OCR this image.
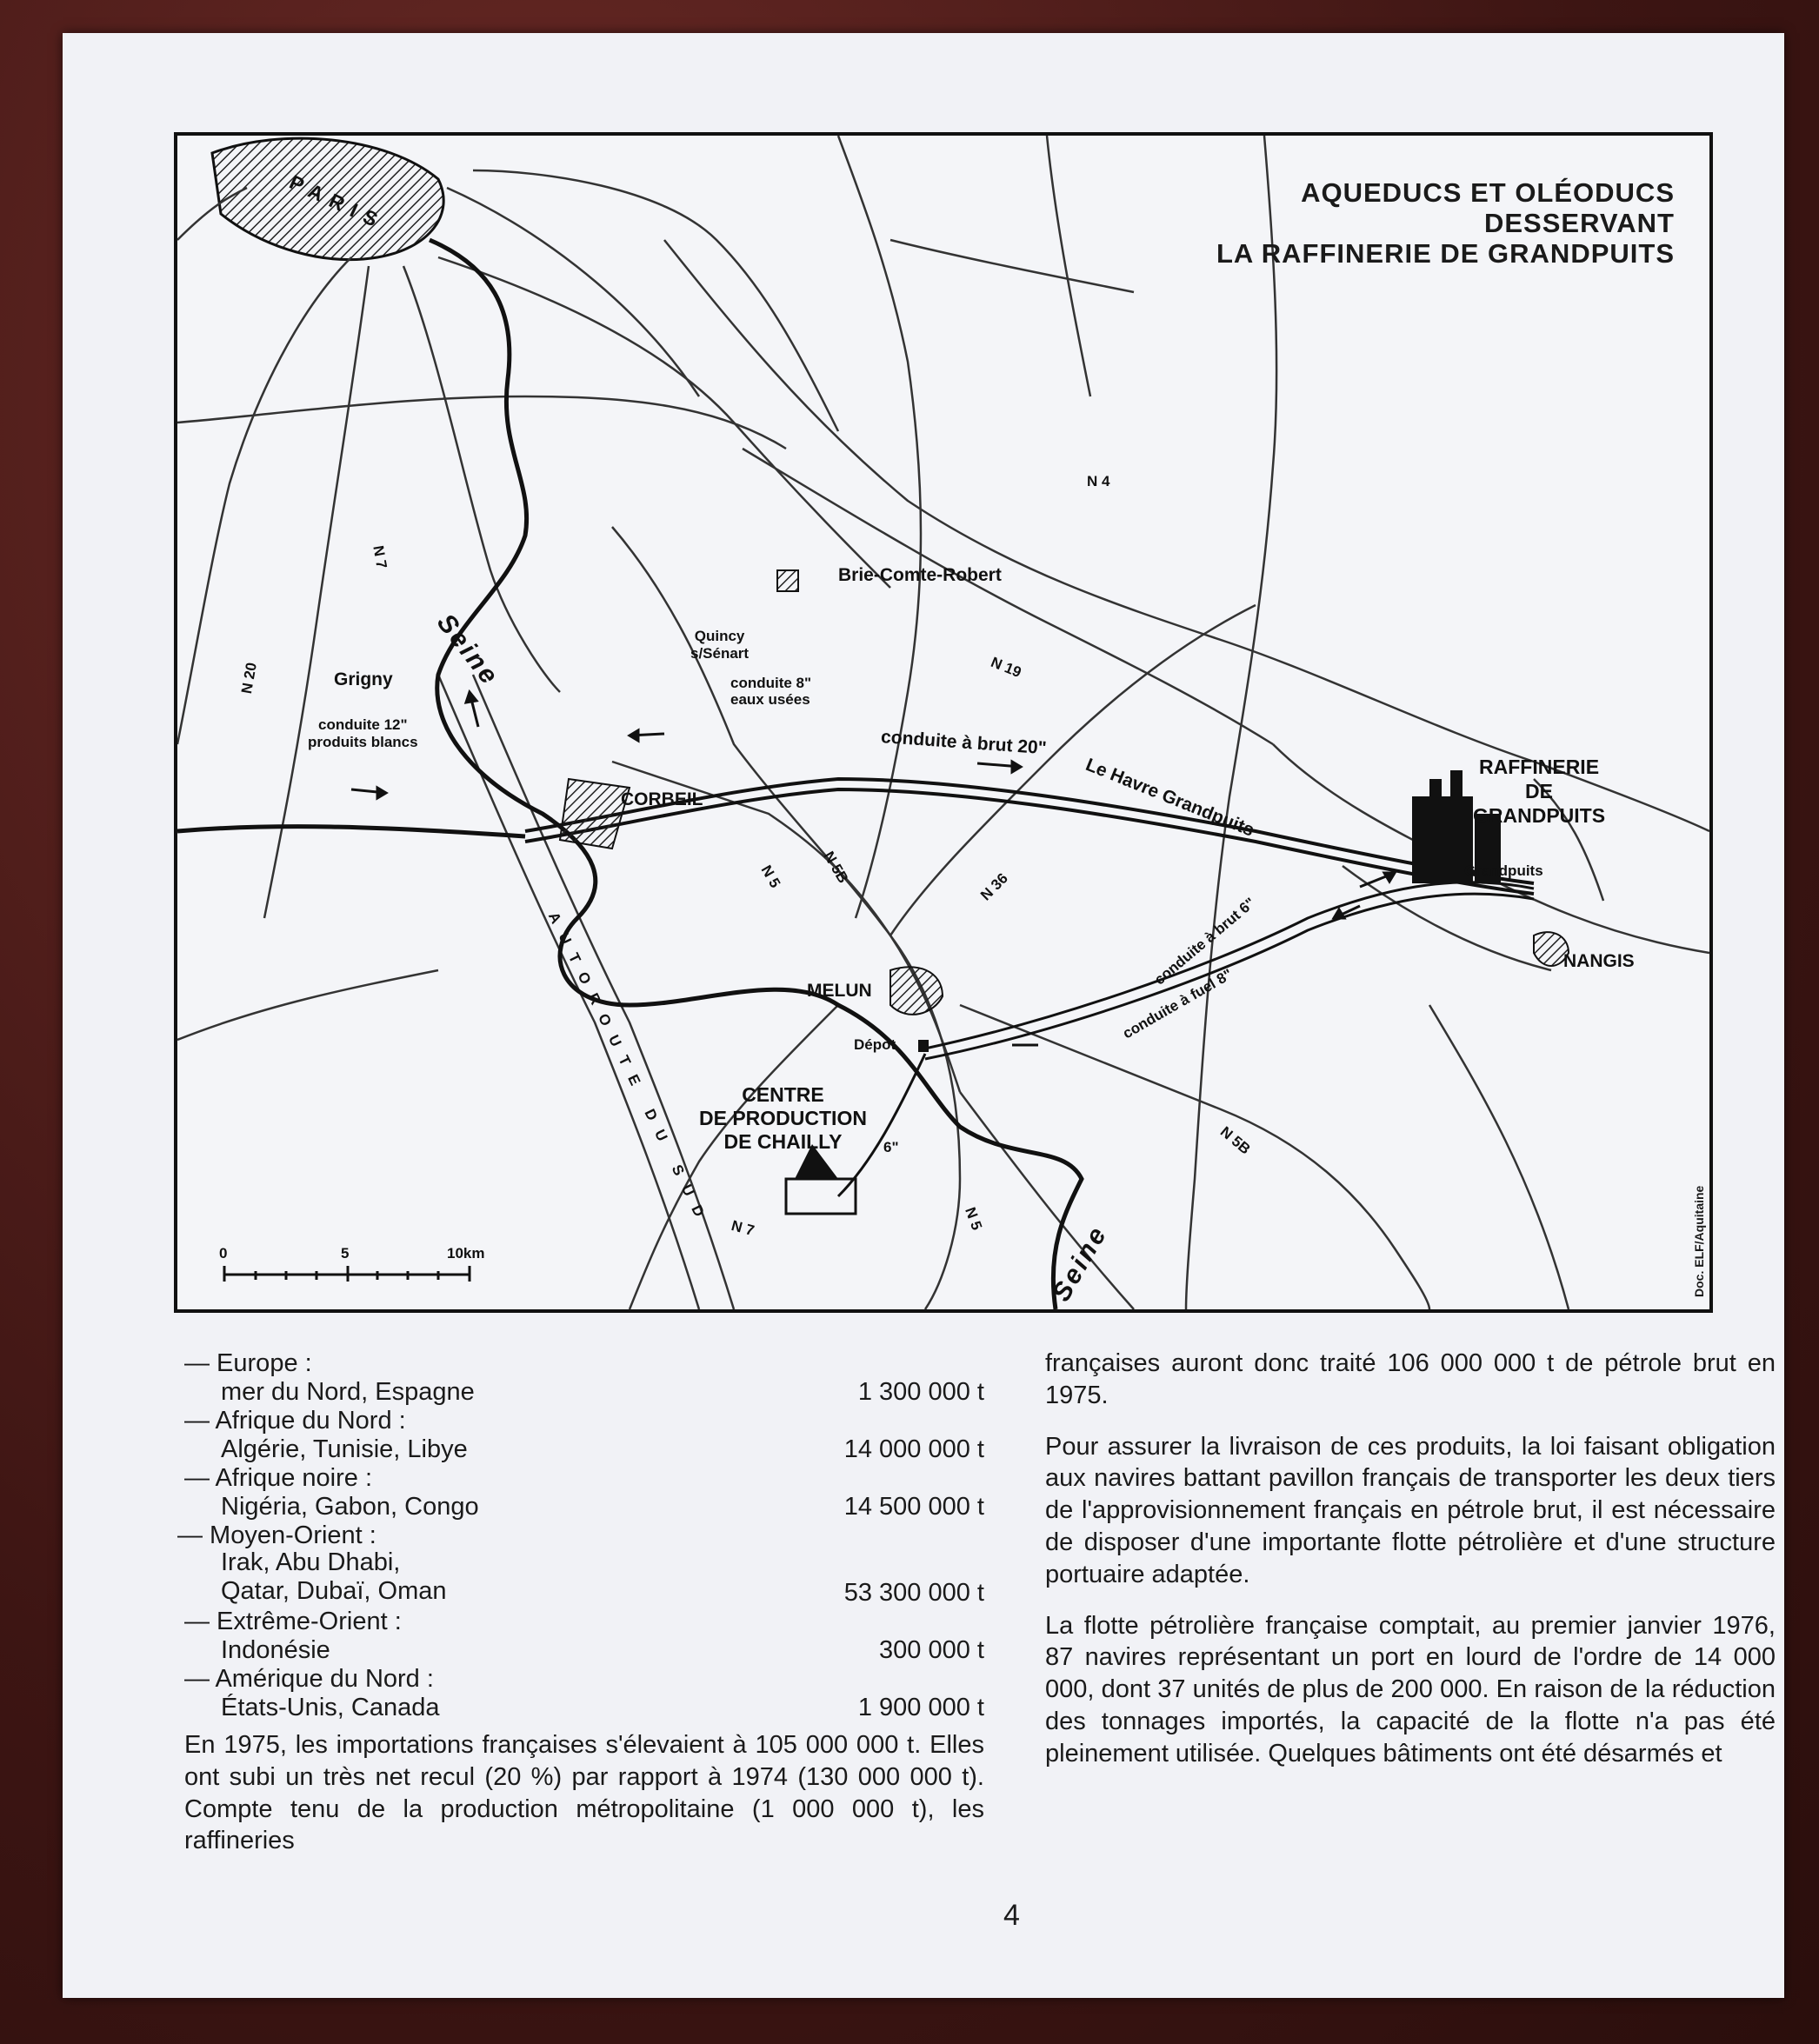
AQUEDUCS ET OLÉODUCS
DESSERVANT
LA RAFFINERIE DE GRANDPUITS
PARIS
Brie-Comte-Robert
Quincy
s/Sénart
Grigny
CORBEIL
MELUN
Dépot
CENTRE
DE PRODUCTION
DE CHAILLY
RAFFINERIE
DE
GRANDPUITS
Grandpuits
NANGIS
Seine
Seine
N 4
N 7
N 20	N 19
N 36
N 5B
N 5
N 5B
N 5
N 7
AUTOROUTE DU SUD
conduite 8"
eaux usées
conduite 12"
produits blancs	conduite à brut 20"
Le Havre Grandpuits
conduite à brut 6"
conduite à fuel 8"
6"
0	5	10km	Doc. ELF/Aquitaine
— Europe :
mer du Nord, Espagne	1 300 000 t
— Afrique du Nord :
Algérie, Tunisie, Libye	14 000 000 t
— Afrique noire :
Nigéria, Gabon, Congo	14 500 000 t
— Moyen-Orient :
Irak, Abu Dhabi,
Qatar, Dubaï, Oman	53 300 000 t
— Extrême-Orient :
Indonésie	300 000 t
— Amérique du Nord :
États-Unis, Canada	1 900 000 t

En 1975, les importations françaises s'élevaient à 105 000 000 t. Elles ont subi un très net recul (20 %) par rapport à 1974 (130 000 000 t). Compte tenu de la production métropolitaine (1 000 000 t), les raffineries

françaises auront donc traité 106 000 000 t de pétrole brut en 1975.

Pour assurer la livraison de ces produits, la loi faisant obligation aux navires battant pavillon français de transporter les deux tiers de l'approvisionnement français en pétrole brut, il est nécessaire de disposer d'une importante flotte pétrolière et d'une structure portuaire adaptée.

La flotte pétrolière française comptait, au premier janvier 1976, 87 navires représentant un port en lourd de l'ordre de 14 000 000, dont 37 unités de plus de 200 000. En raison de la réduction des tonnages importés, la capacité de la flotte n'a pas été pleinement utilisée. Quelques bâtiments ont été désarmés et

4
